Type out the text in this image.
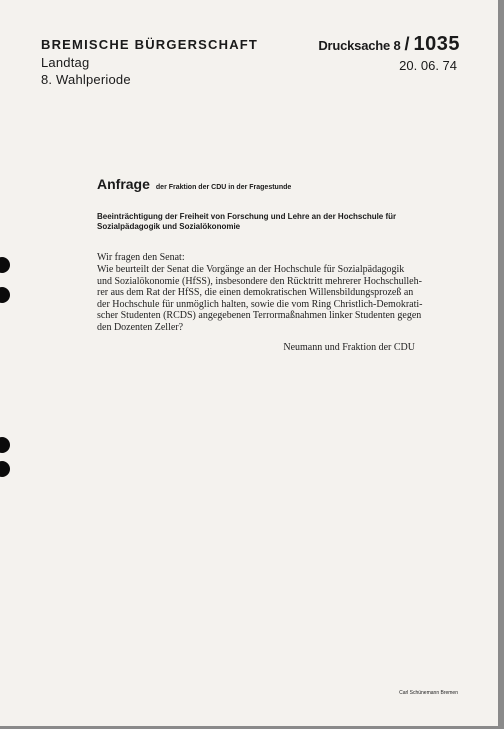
BREMISCHE BÜRGERSCHAFT
Landtag
8. Wahlperiode
Drucksache 8 / 1035
20. 06. 74
Anfrage der Fraktion der CDU in der Fragestunde
Beeinträchtigung der Freiheit von Forschung und Lehre an der Hochschule für
Sozialpädagogik und Sozialökonomie
Wir fragen den Senat:
Wie beurteilt der Senat die Vorgänge an der Hochschule für Sozialpädagogik
und Sozialökonomie (HfSS), insbesondere den Rücktritt mehrerer Hochschulleh-
rer aus dem Rat der HfSS, die einen demokratischen Willensbildungsprozeß an
der Hochschule für unmöglich halten, sowie die vom Ring Christlich-Demokrati-
scher Studenten (RCDS) angegebenen Terrormaßnahmen linker Studenten gegen
den Dozenten Zeller?
Neumann und Fraktion der CDU
Carl Schünemann Bremen
